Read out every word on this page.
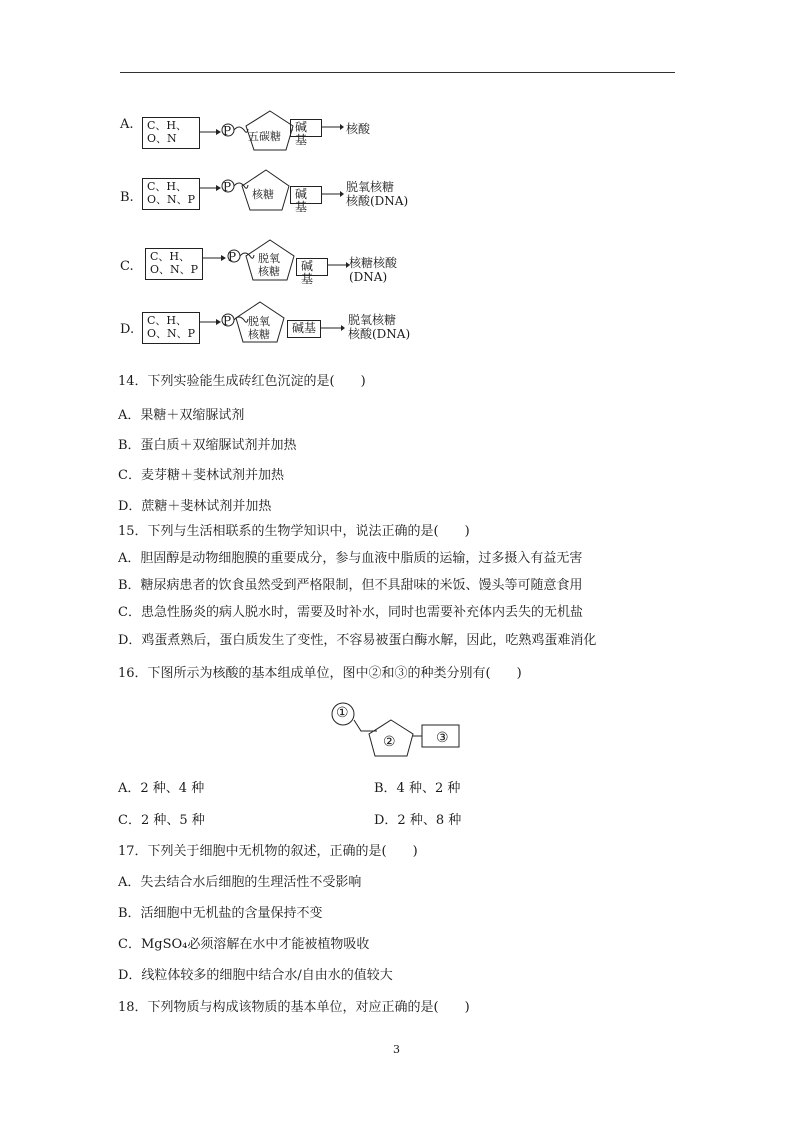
A.	C、H、
O、N
P 五碳糖
碱基
核酸
B.
C、H、
O、N、P
P
核糖	碱基
脱氧核糖
核酸(DNA)
C.
C、H、
O、N、P
P 脱氧
核糖	碱基
核糖核酸
(DNA)
D.
C、H、
O、N、P
P 脱氧
核糖	碱基
脱氧核糖
核酸(DNA)
14．下列实验能生成砖红色沉淀的是(　　)
A．果糖＋双缩脲试剂
B．蛋白质＋双缩脲试剂并加热
C．麦芽糖＋斐林试剂并加热
D．蔗糖＋斐林试剂并加热
15．下列与生活相联系的生物学知识中，说法正确的是(　　)
A．胆固醇是动物细胞膜的重要成分，参与血液中脂质的运输，过多摄入有益无害
B．糖尿病患者的饮食虽然受到严格限制，但不具甜味的米饭、馒头等可随意食用
C．患急性肠炎的病人脱水时，需要及时补水，同时也需要补充体内丢失的无机盐
D．鸡蛋煮熟后，蛋白质发生了变性，不容易被蛋白酶水解，因此，吃熟鸡蛋难消化
16．下图所示为核酸的基本组成单位，图中②和③的种类分别有(　　)
①
②	③
A．2 种、4 种	B．4 种、2 种
C．2 种、5 种	D．2 种、8 种
17．下列关于细胞中无机物的叙述，正确的是(　　)
A．失去结合水后细胞的生理活性不受影响
B．活细胞中无机盐的含量保持不变
C．MgSO₄必须溶解在水中才能被植物吸收
D．线粒体较多的细胞中结合水/自由水的值较大
18．下列物质与构成该物质的基本单位，对应正确的是(　　)
3
